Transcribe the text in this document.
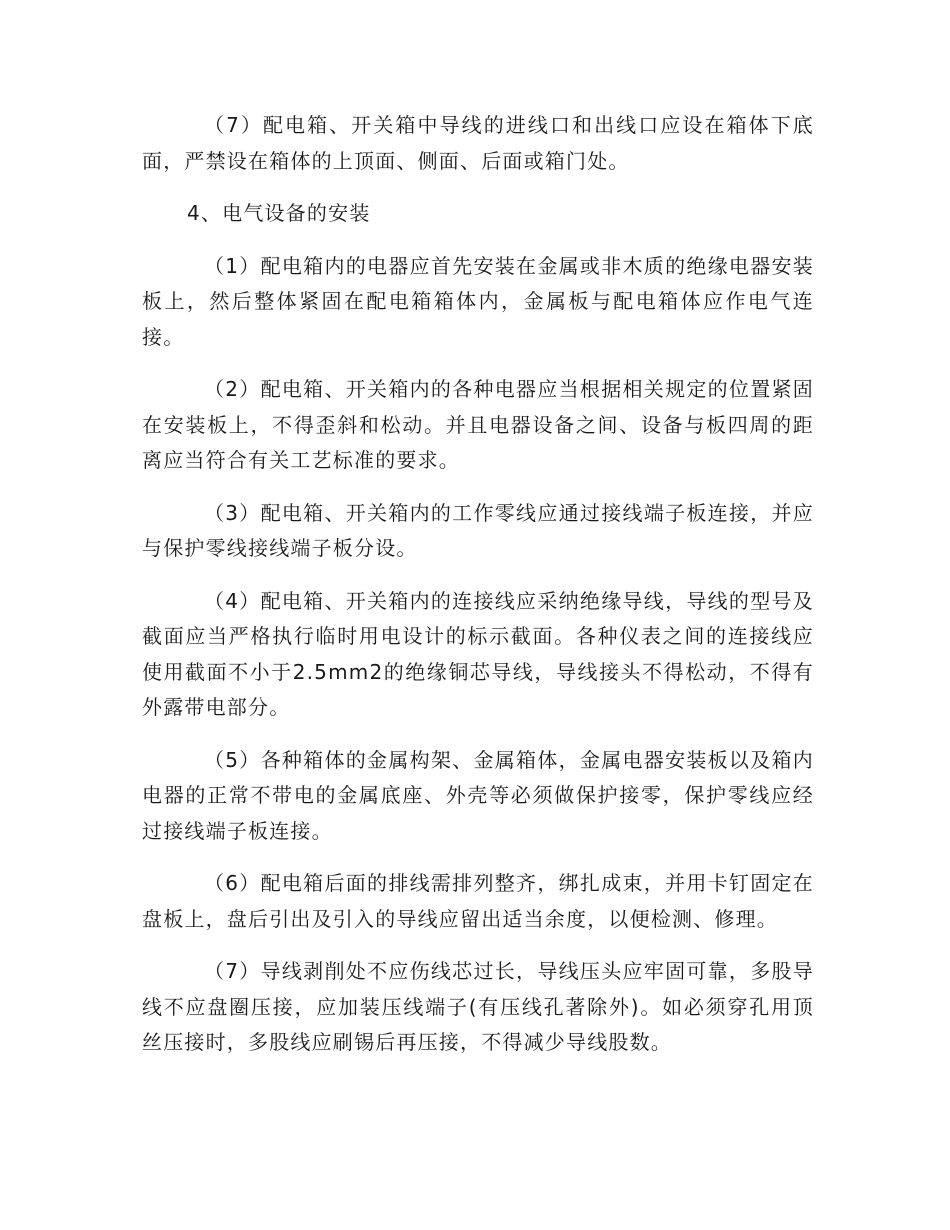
（7）配电箱、开关箱中导线的进线口和出线口应设在箱体下底面，严禁设在箱体的上顶面、侧面、后面或箱门处。

4、电气设备的安装

（1）配电箱内的电器应首先安装在金属或非木质的绝缘电器安装板上，然后整体紧固在配电箱箱体内，金属板与配电箱体应作电气连接。

（2）配电箱、开关箱内的各种电器应当根据相关规定的位置紧固在安装板上，不得歪斜和松动。并且电器设备之间、设备与板四周的距离应当符合有关工艺标准的要求。

（3）配电箱、开关箱内的工作零线应通过接线端子板连接，并应与保护零线接线端子板分设。

（4）配电箱、开关箱内的连接线应采纳绝缘导线，导线的型号及截面应当严格执行临时用电设计的标示截面。各种仪表之间的连接线应使用截面不小于2.5mm2的绝缘铜芯导线，导线接头不得松动，不得有外露带电部分。

（5）各种箱体的金属构架、金属箱体，金属电器安装板以及箱内电器的正常不带电的金属底座、外壳等必须做保护接零，保护零线应经过接线端子板连接。

（6）配电箱后面的排线需排列整齐，绑扎成束，并用卡钉固定在盘板上，盘后引出及引入的导线应留出适当余度，以便检测、修理。

（7）导线剥削处不应伤线芯过长，导线压头应牢固可靠，多股导线不应盘圈压接，应加装压线端子(有压线孔著除外)。如必须穿孔用顶丝压接时，多股线应刷锡后再压接，不得减少导线股数。
